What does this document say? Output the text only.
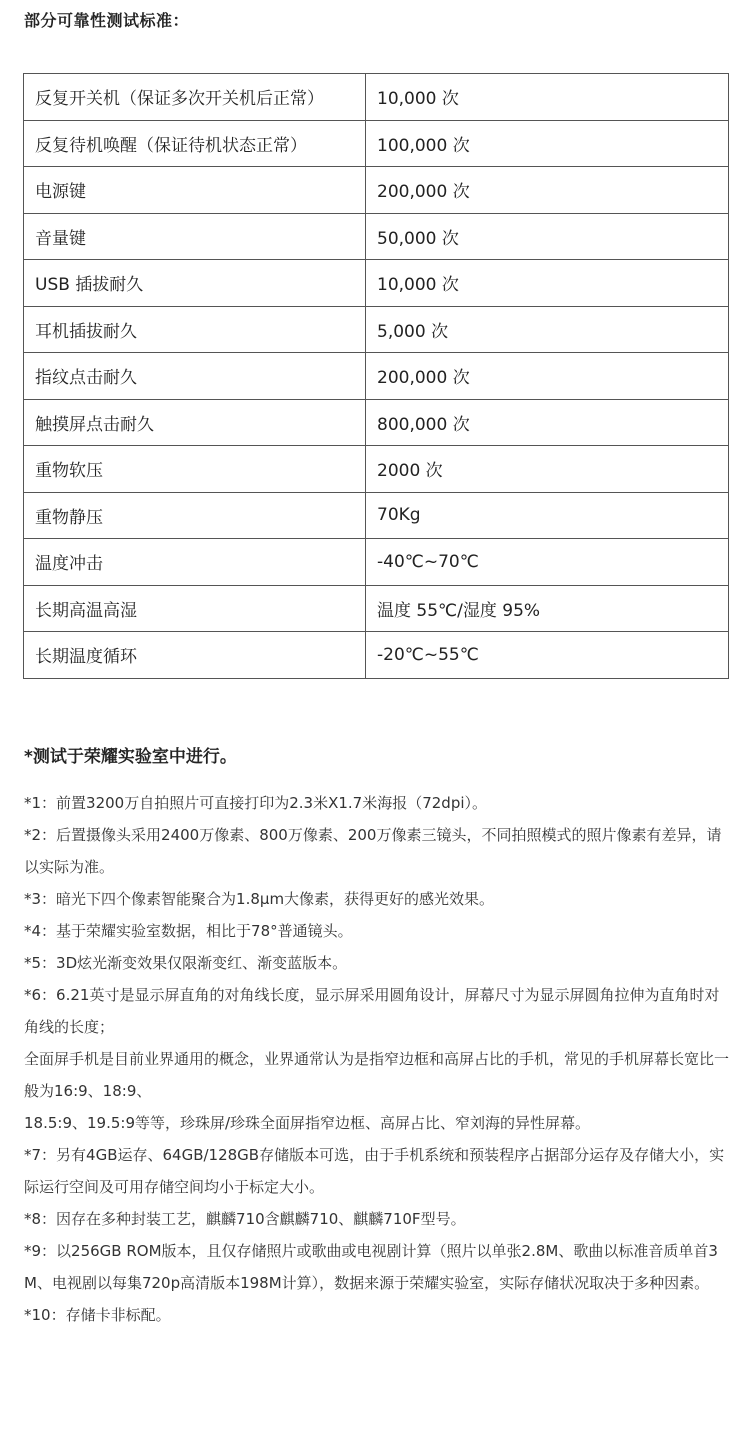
部分可靠性测试标准：
反复开关机（保证多次开关机后正常）	10,000 次
反复待机唤醒（保证待机状态正常）	100,000 次
电源键	200,000 次
音量键	50,000 次
USB 插拔耐久	10,000 次
耳机插拔耐久	5,000 次
指纹点击耐久	200,000 次
触摸屏点击耐久	800,000 次
重物软压	2000 次
重物静压	70Kg
温度冲击	-40℃~70℃
长期高温高湿	温度 55℃/湿度 95%
长期温度循环	-20℃~55℃
*测试于荣耀实验室中进行。
*1：前置3200万自拍照片可直接打印为2.3米X1.7米海报（72dpi）。
*2：后置摄像头采用2400万像素、800万像素、200万像素三镜头，不同拍照模式的照片像素有差异，请以实际为准。
*3：暗光下四个像素智能聚合为1.8μm大像素，获得更好的感光效果。
*4：基于荣耀实验室数据，相比于78°普通镜头。
*5：3D炫光渐变效果仅限渐变红、渐变蓝版本。
*6：6.21英寸是显示屏直角的对角线长度，显示屏采用圆角设计，屏幕尺寸为显示屏圆角拉伸为直角时对角线的长度；
全面屏手机是目前业界通用的概念，业界通常认为是指窄边框和高屏占比的手机，常见的手机屏幕长宽比一般为16:9、18:9、
18.5:9、19.5:9等等，珍珠屏/珍珠全面屏指窄边框、高屏占比、窄刘海的异性屏幕。
*7：另有4GB运存、64GB/128GB存储版本可选，由于手机系统和预装程序占据部分运存及存储大小，实际运行空间及可用存储空间均小于标定大小。
*8：因存在多种封装工艺，麒麟710含麒麟710、麒麟710F型号。
*9：以256GB ROM版本，且仅存储照片或歌曲或电视剧计算（照片以单张2.8M、歌曲以标准音质单首3M、电视剧以每集720p高清版本198M计算），数据来源于荣耀实验室，实际存储状况取决于多种因素。
*10：存储卡非标配。
